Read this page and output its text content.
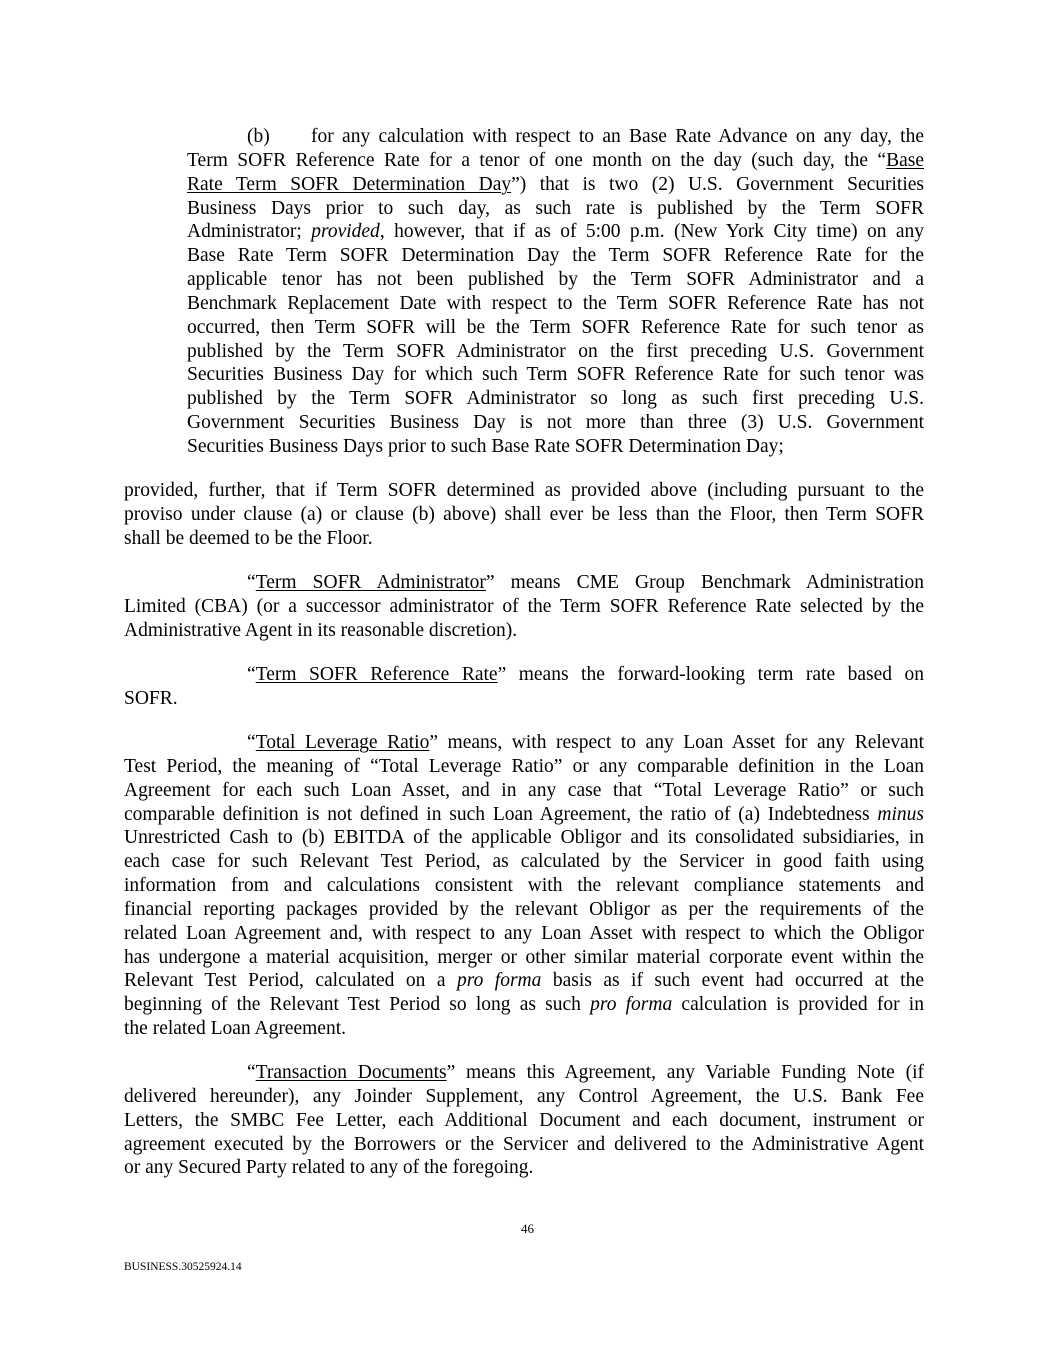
(b) for any calculation with respect to an Base Rate Advance on any day, the
Term SOFR Reference Rate for a tenor of one month on the day (such day, the “Base
Rate Term SOFR Determination Day”) that is two (2) U.S. Government Securities
Business Days prior to such day, as such rate is published by the Term SOFR
Administrator; provided, however, that if as of 5:00 p.m. (New York City time) on any
Base Rate Term SOFR Determination Day the Term SOFR Reference Rate for the
applicable tenor has not been published by the Term SOFR Administrator and a
Benchmark Replacement Date with respect to the Term SOFR Reference Rate has not
occurred, then Term SOFR will be the Term SOFR Reference Rate for such tenor as
published by the Term SOFR Administrator on the first preceding U.S. Government
Securities Business Day for which such Term SOFR Reference Rate for such tenor was
published by the Term SOFR Administrator so long as such first preceding U.S.
Government Securities Business Day is not more than three (3) U.S. Government
Securities Business Days prior to such Base Rate SOFR Determination Day;
provided, further, that if Term SOFR determined as provided above (including pursuant to the
proviso under clause (a) or clause (b) above) shall ever be less than the Floor, then Term SOFR
shall be deemed to be the Floor.
“Term SOFR Administrator” means CME Group Benchmark Administration
Limited (CBA) (or a successor administrator of the Term SOFR Reference Rate selected by the
Administrative Agent in its reasonable discretion).
“Term SOFR Reference Rate” means the forward-looking term rate based on
SOFR.
“Total Leverage Ratio” means, with respect to any Loan Asset for any Relevant
Test Period, the meaning of “Total Leverage Ratio” or any comparable definition in the Loan
Agreement for each such Loan Asset, and in any case that “Total Leverage Ratio” or such
comparable definition is not defined in such Loan Agreement, the ratio of (a) Indebtedness minus
Unrestricted Cash to (b) EBITDA of the applicable Obligor and its consolidated subsidiaries, in
each case for such Relevant Test Period, as calculated by the Servicer in good faith using
information from and calculations consistent with the relevant compliance statements and
financial reporting packages provided by the relevant Obligor as per the requirements of the
related Loan Agreement and, with respect to any Loan Asset with respect to which the Obligor
has undergone a material acquisition, merger or other similar material corporate event within the
Relevant Test Period, calculated on a pro forma basis as if such event had occurred at the
beginning of the Relevant Test Period so long as such pro forma calculation is provided for in
the related Loan Agreement.
“Transaction Documents” means this Agreement, any Variable Funding Note (if
delivered hereunder), any Joinder Supplement, any Control Agreement, the U.S. Bank Fee
Letters, the SMBC Fee Letter, each Additional Document and each document, instrument or
agreement executed by the Borrowers or the Servicer and delivered to the Administrative Agent
or any Secured Party related to any of the foregoing.
46
BUSINESS.30525924.14
